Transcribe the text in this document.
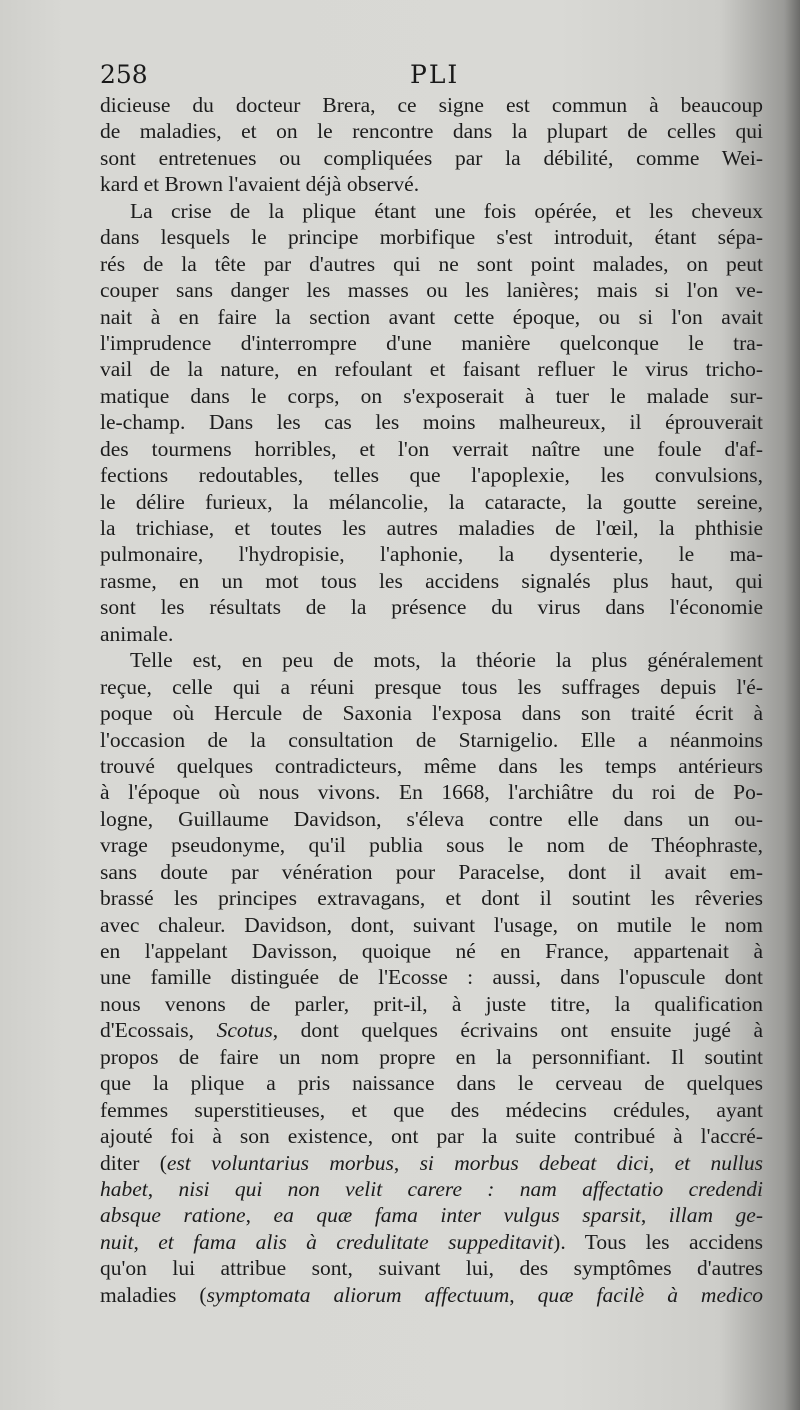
258	PLI
dicieuse du docteur Brera, ce signe est commun à beaucoup
de maladies, et on le rencontre dans la plupart de celles qui
sont entretenues ou compliquées par la débilité, comme Wei-
kard et Brown l'avaient déjà observé.
La crise de la plique étant une fois opérée, et les cheveux
dans lesquels le principe morbifique s'est introduit, étant sépa-
rés de la tête par d'autres qui ne sont point malades, on peut
couper sans danger les masses ou les lanières; mais si l'on ve-
nait à en faire la section avant cette époque, ou si l'on avait
l'imprudence d'interrompre d'une manière quelconque le tra-
vail de la nature, en refoulant et faisant refluer le virus tricho-
matique dans le corps, on s'exposerait à tuer le malade sur-
le-champ. Dans les cas les moins malheureux, il éprouverait
des tourmens horribles, et l'on verrait naître une foule d'af-
fections redoutables, telles que l'apoplexie, les convulsions,
le délire furieux, la mélancolie, la cataracte, la goutte sereine,
la trichiase, et toutes les autres maladies de l'œil, la phthisie
pulmonaire, l'hydropisie, l'aphonie, la dysenterie, le ma-
rasme, en un mot tous les accidens signalés plus haut, qui
sont les résultats de la présence du virus dans l'économie
animale.
Telle est, en peu de mots, la théorie la plus généralement
reçue, celle qui a réuni presque tous les suffrages depuis l'é-
poque où Hercule de Saxonia l'exposa dans son traité écrit à
l'occasion de la consultation de Starnigelio. Elle a néanmoins
trouvé quelques contradicteurs, même dans les temps antérieurs
à l'époque où nous vivons. En 1668, l'archiâtre du roi de Po-
logne, Guillaume Davidson, s'éleva contre elle dans un ou-
vrage pseudonyme, qu'il publia sous le nom de Théophraste,
sans doute par vénération pour Paracelse, dont il avait em-
brassé les principes extravagans, et dont il soutint les rêveries
avec chaleur. Davidson, dont, suivant l'usage, on mutile le nom
en l'appelant Davisson, quoique né en France, appartenait à
une famille distinguée de l'Ecosse : aussi, dans l'opuscule dont
nous venons de parler, prit-il, à juste titre, la qualification
d'Ecossais, Scotus, dont quelques écrivains ont ensuite jugé à
propos de faire un nom propre en la personnifiant. Il soutint
que la plique a pris naissance dans le cerveau de quelques
femmes superstitieuses, et que des médecins crédules, ayant
ajouté foi à son existence, ont par la suite contribué à l'accré-
diter (est voluntarius morbus, si morbus debeat dici, et nullus
habet, nisi qui non velit carere : nam affectatio credendi
absque ratione, ea quæ fama inter vulgus sparsit, illam ge-
nuit, et fama alis à credulitate suppeditavit). Tous les accidens
qu'on lui attribue sont, suivant lui, des symptômes d'autres
maladies (symptomata aliorum affectuum, quæ facilè à medico
